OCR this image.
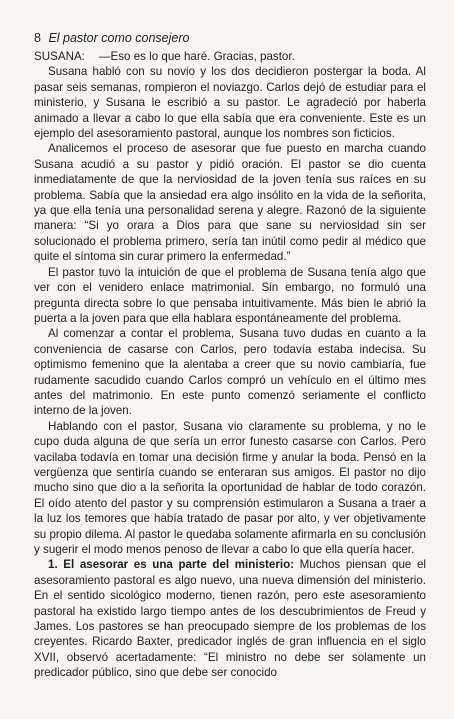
8 El pastor como consejero

SUSANA: —Eso es lo que haré. Gracias, pastor.

Susana habló con su novio y los dos decidieron postergar la boda. Al pasar seis semanas, rompieron el noviazgo. Carlos dejó de estudiar para el ministerio, y Susana le escribió a su pastor. Le agradeció por haberla animado a llevar a cabo lo que ella sabía que era conveniente. Este es un ejemplo del asesoramiento pastoral, aunque los nombres son ficticios.

Analicemos el proceso de asesorar que fue puesto en marcha cuando Susana acudió a su pastor y pidió oración. El pastor se dio cuenta inmediatamente de que la nerviosidad de la joven tenía sus raíces en su problema. Sabía que la ansiedad era algo insólito en la vida de la señorita, ya que ella tenía una personalidad serena y alegre. Razonó de la siguiente manera: “Si yo orara a Dios para que sane su nerviosidad sin ser solucionado el problema primero, sería tan inútil como pedir al médico que quite el síntoma sin curar primero la enfermedad.”

El pastor tuvo la intuición de que el problema de Susana tenía algo que ver con el venidero enlace matrimonial. Sin embargo, no formuló una pregunta directa sobre lo que pensaba intuitivamente. Más bien le abrió la puerta a la joven para que ella hablara espontáneamente del problema.

Al comenzar a contar el problema, Susana tuvo dudas en cuanto a la conveniencia de casarse con Carlos, pero todavía estaba indecisa. Su optimismo femenino que la alentaba a creer que su novio cambiaría, fue rudamente sacudido cuando Carlos compró un vehículo en el último mes antes del matrimonio. En este punto comenzó seriamente el conflicto interno de la joven.

Hablando con el pastor, Susana vio claramente su problema, y no le cupo duda alguna de que sería un error funesto casarse con Carlos. Pero vacilaba todavía en tomar una decisión firme y anular la boda. Pensó en la vergüenza que sentiría cuando se enteraran sus amigos. El pastor no dijo mucho sino que dio a la señorita la oportunidad de hablar de todo corazón. El oído atento del pastor y su comprensión estimularon a Susana a traer a la luz los temores que había tratado de pasar por alto, y ver objetivamente su propio dilema. Al pastor le quedaba solamente afirmarla en su conclusión y sugerir el modo menos penoso de llevar a cabo lo que ella quería hacer.

1. El asesorar es una parte del ministerio: Muchos piensan que el asesoramiento pastoral es algo nuevo, una nueva dimensión del ministerio. En el sentido sicológico moderno, tienen razón, pero este asesoramiento pastoral ha existido largo tiempo antes de los descubrimientos de Freud y James. Los pastores se han preocupado siempre de los problemas de los creyentes. Ricardo Baxter, predicador inglés de gran influencia en el siglo XVII, observó acertadamente: “El ministro no debe ser solamente un predicador público, sino que debe ser conocido
